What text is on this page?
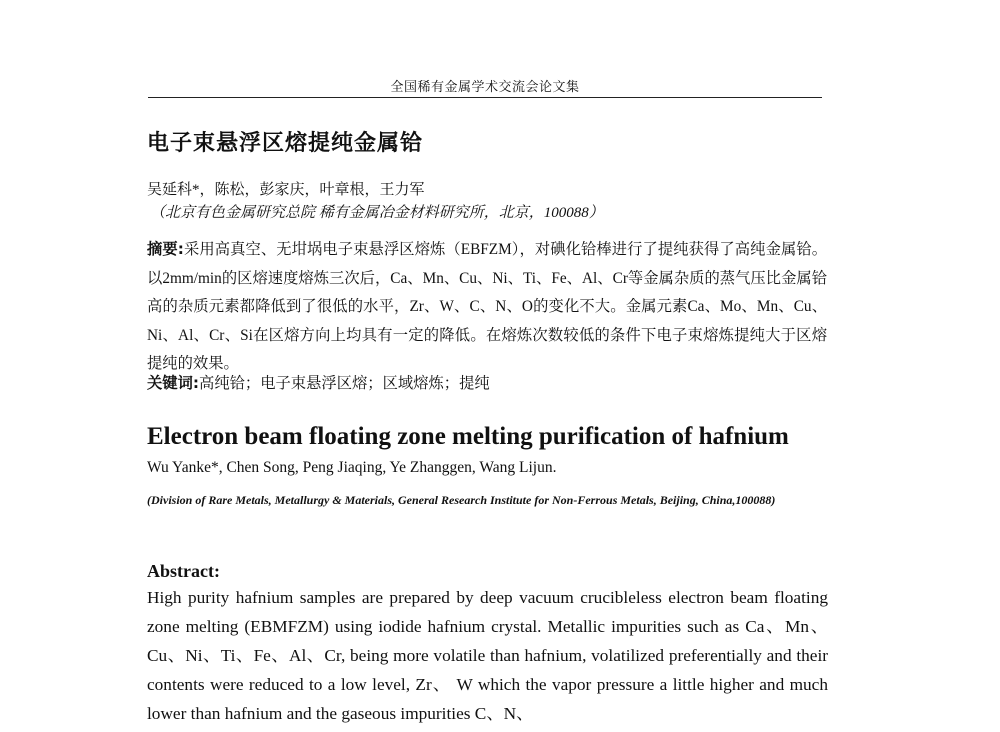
全国稀有金属学术交流会论文集
电子束悬浮区熔提纯金属铪
吴延科*，陈松，彭家庆，叶章根，王力军
（北京有色金属研究总院 稀有金属冶金材料研究所，北京，100088）
摘要:采用高真空、无坩埚电子束悬浮区熔炼（EBFZM），对碘化铪棒进行了提纯获得了高纯金属铪。以2mm/min的区熔速度熔炼三次后，Ca、Mn、Cu、Ni、Ti、Fe、Al、Cr等金属杂质的蒸气压比金属铪高的杂质元素都降低到了很低的水平，Zr、W、C、N、O的变化不大。金属元素Ca、Mo、Mn、Cu、Ni、Al、Cr、Si在区熔方向上均具有一定的降低。在熔炼次数较低的条件下电子束熔炼提纯大于区熔提纯的效果。
关键词:高纯铪；电子束悬浮区熔；区域熔炼；提纯
Electron beam floating zone melting purification of hafnium
Wu Yanke*, Chen Song, Peng Jiaqing, Ye Zhanggen, Wang Lijun.
(Division of Rare Metals, Metallurgy & Materials, General Research Institute for Non-Ferrous Metals, Beijing, China,100088)
Abstract:
High purity hafnium samples are prepared by deep vacuum crucibleless electron beam floating zone melting (EBMFZM) using iodide hafnium crystal. Metallic impurities such as Ca、Mn、Cu、Ni、Ti、Fe、Al、Cr, being more volatile than hafnium, volatilized preferentially and their contents were reduced to a low level, Zr、 W which the vapor pressure a little higher and much lower than hafnium and the gaseous impurities C、N、
